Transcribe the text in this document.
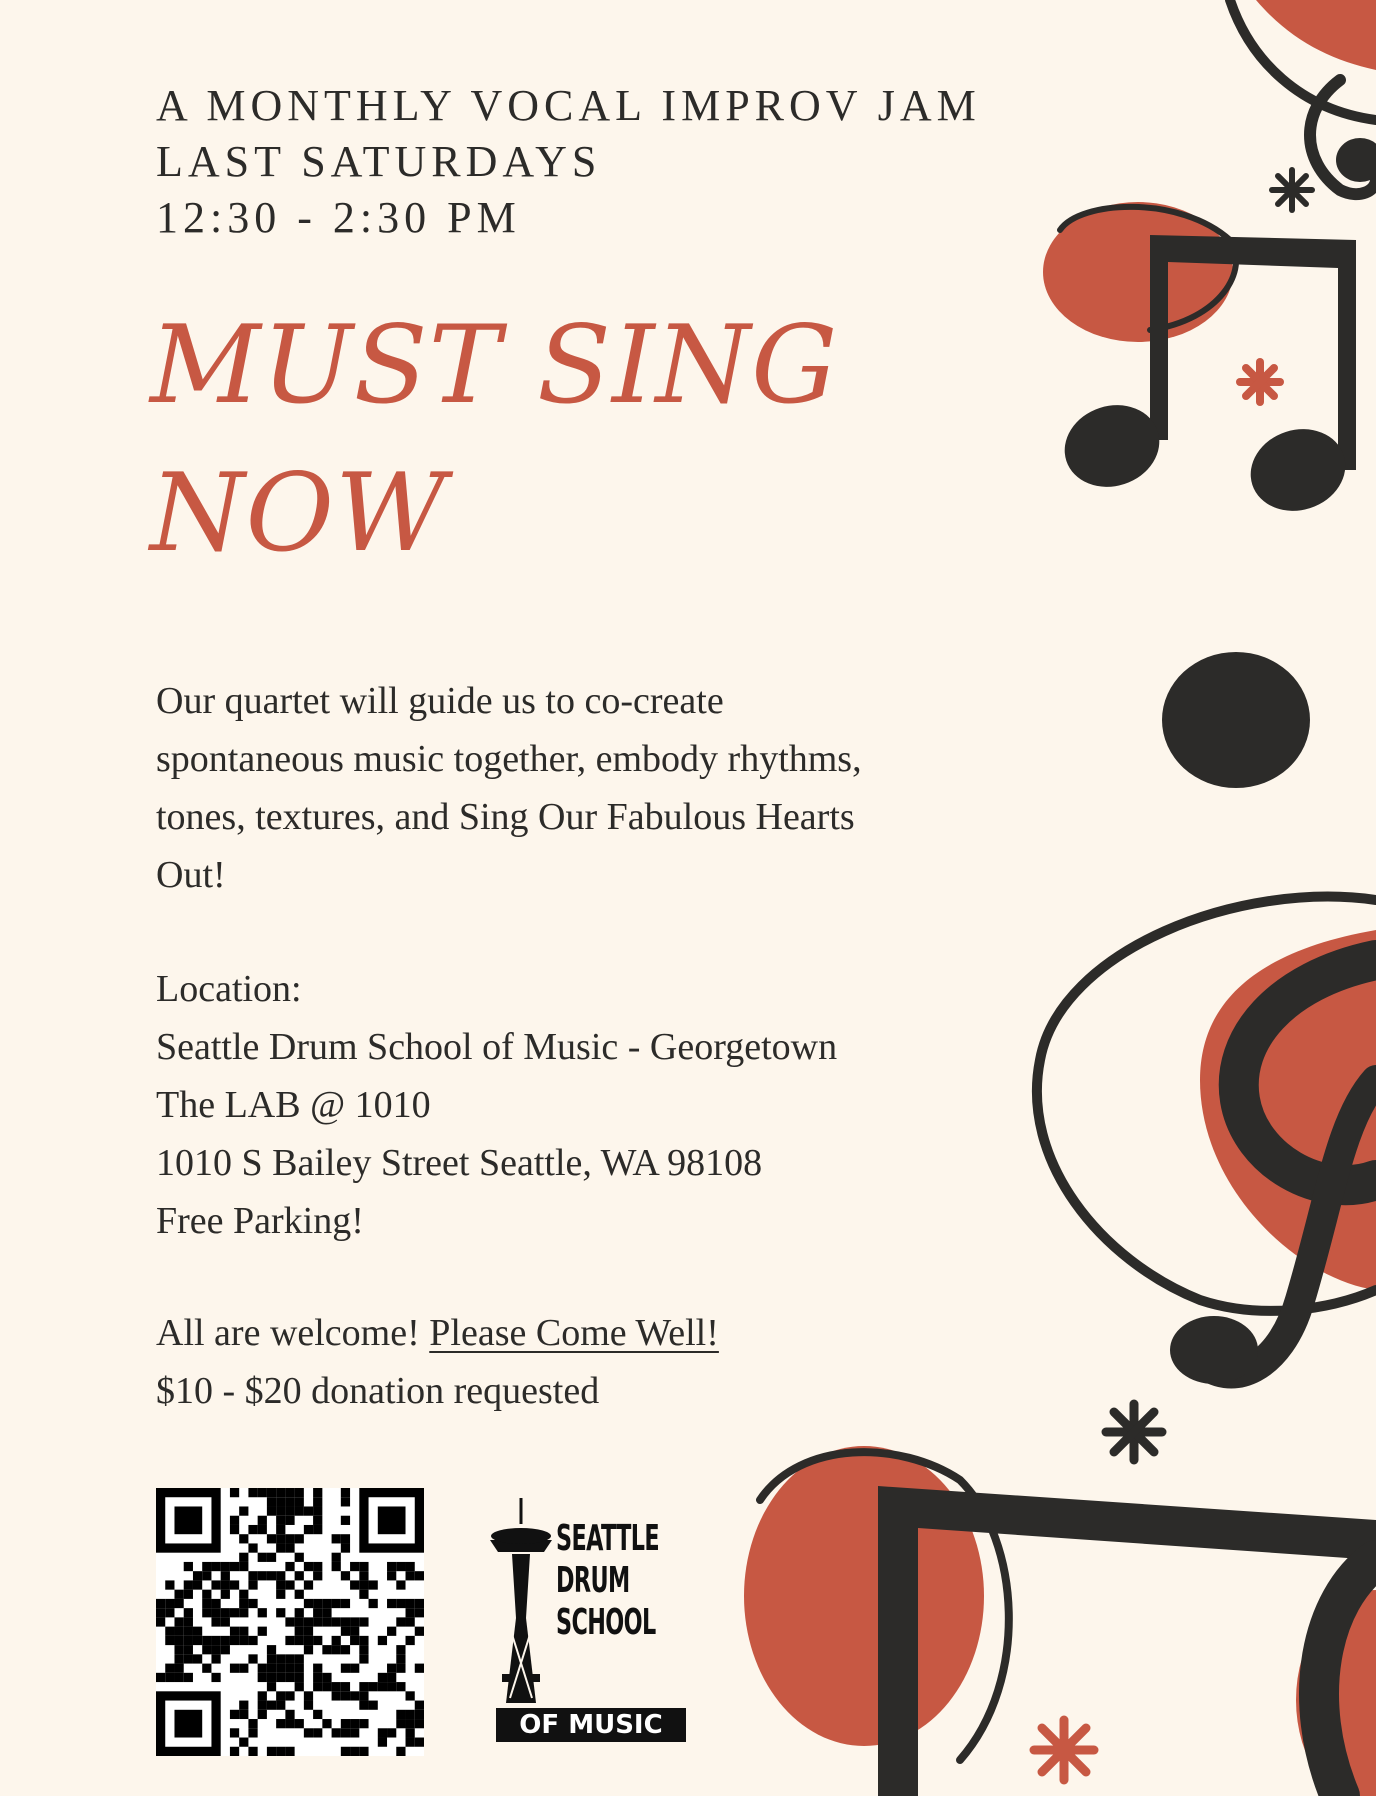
A MONTHLY VOCAL IMPROV JAM
LAST SATURDAYS
12:30 - 2:30 PM
MUST SING
NOW
Our quartet will guide us to co-create
spontaneous music together, embody rhythms,
tones, textures, and Sing Our Fabulous Hearts
Out!
Location:
Seattle Drum School of Music - Georgetown
The LAB @ 1010
1010 S Bailey Street Seattle, WA 98108
Free Parking!
All are welcome! Please Come Well!
$10 - $20 donation requested
SEATTLE
DRUM
SCHOOL
OF MUSIC
